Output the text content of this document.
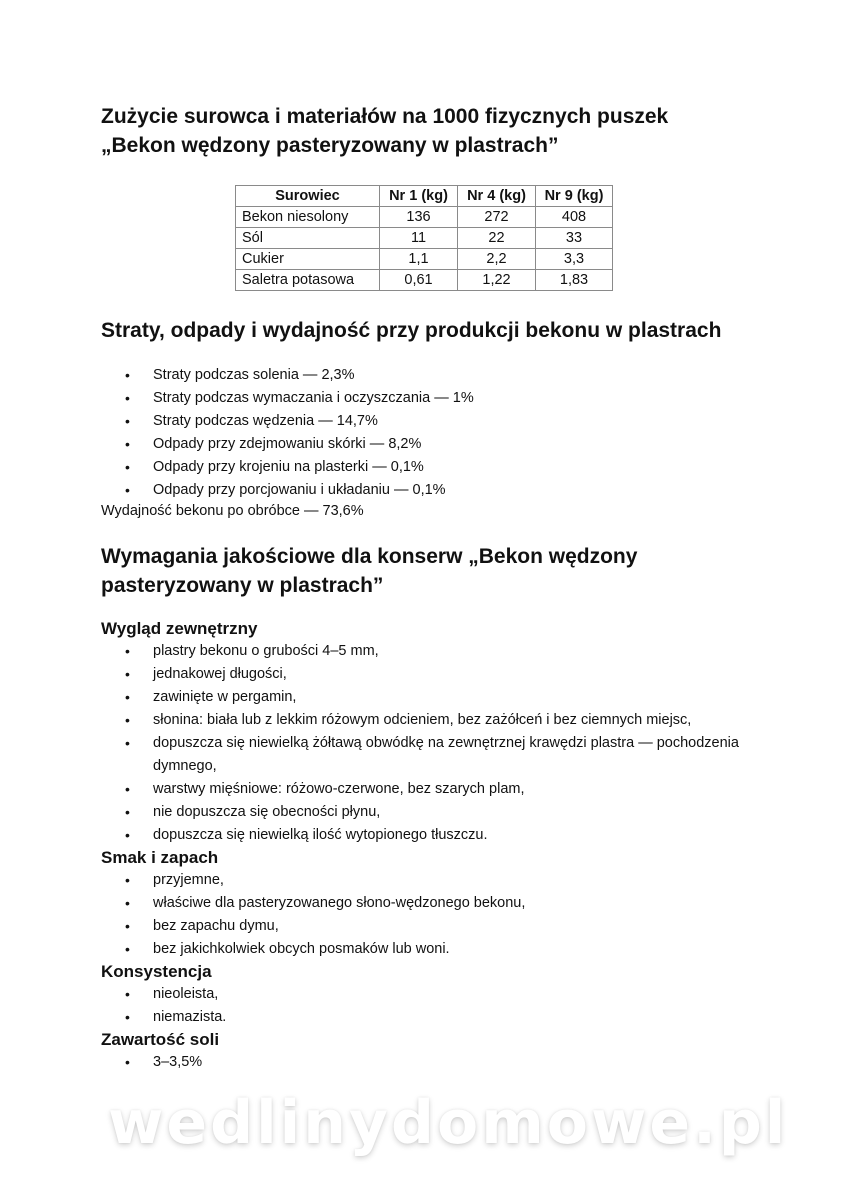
Zużycie surowca i materiałów na 1000 fizycznych puszek
„Bekon wędzony pasteryzowany w plastrach”
Surowiec	Nr 1 (kg)	Nr 4 (kg)	Nr 9 (kg)
Bekon niesolony	136	272	408
Sól	11	22	33
Cukier	1,1	2,2	3,3
Saletra potasowa	0,61	1,22	1,83
Straty, odpady i wydajność przy produkcji bekonu w plastrach
• Straty podczas solenia — 2,3%
• Straty podczas wymaczania i oczyszczania — 1%
• Straty podczas wędzenia — 14,7%
• Odpady przy zdejmowaniu skórki — 8,2%
• Odpady przy krojeniu na plasterki — 0,1%
• Odpady przy porcjowaniu i układaniu — 0,1%
Wydajność bekonu po obróbce — 73,6%
Wymagania jakościowe dla konserw „Bekon wędzony pasteryzowany w plastrach”
Wygląd zewnętrzny
• plastry bekonu o grubości 4–5 mm,
• jednakowej długości,
• zawinięte w pergamin,
• słonina: biała lub z lekkim różowym odcieniem, bez zażółceń i bez ciemnych miejsc,
• dopuszcza się niewielką żółtawą obwódkę na zewnętrznej krawędzi plastra — pochodzenia dymnego,
• warstwy mięśniowe: różowo-czerwone, bez szarych plam,
• nie dopuszcza się obecności płynu,
• dopuszcza się niewielką ilość wytopionego tłuszczu.
Smak i zapach
• przyjemne,
• właściwe dla pasteryzowanego słono-wędzonego bekonu,
• bez zapachu dymu,
• bez jakichkolwiek obcych posmaków lub woni.
Konsystencja
• nieoleista,
• niemazista.
Zawartość soli
• 3–3,5%
wedlinydomowe.pl
